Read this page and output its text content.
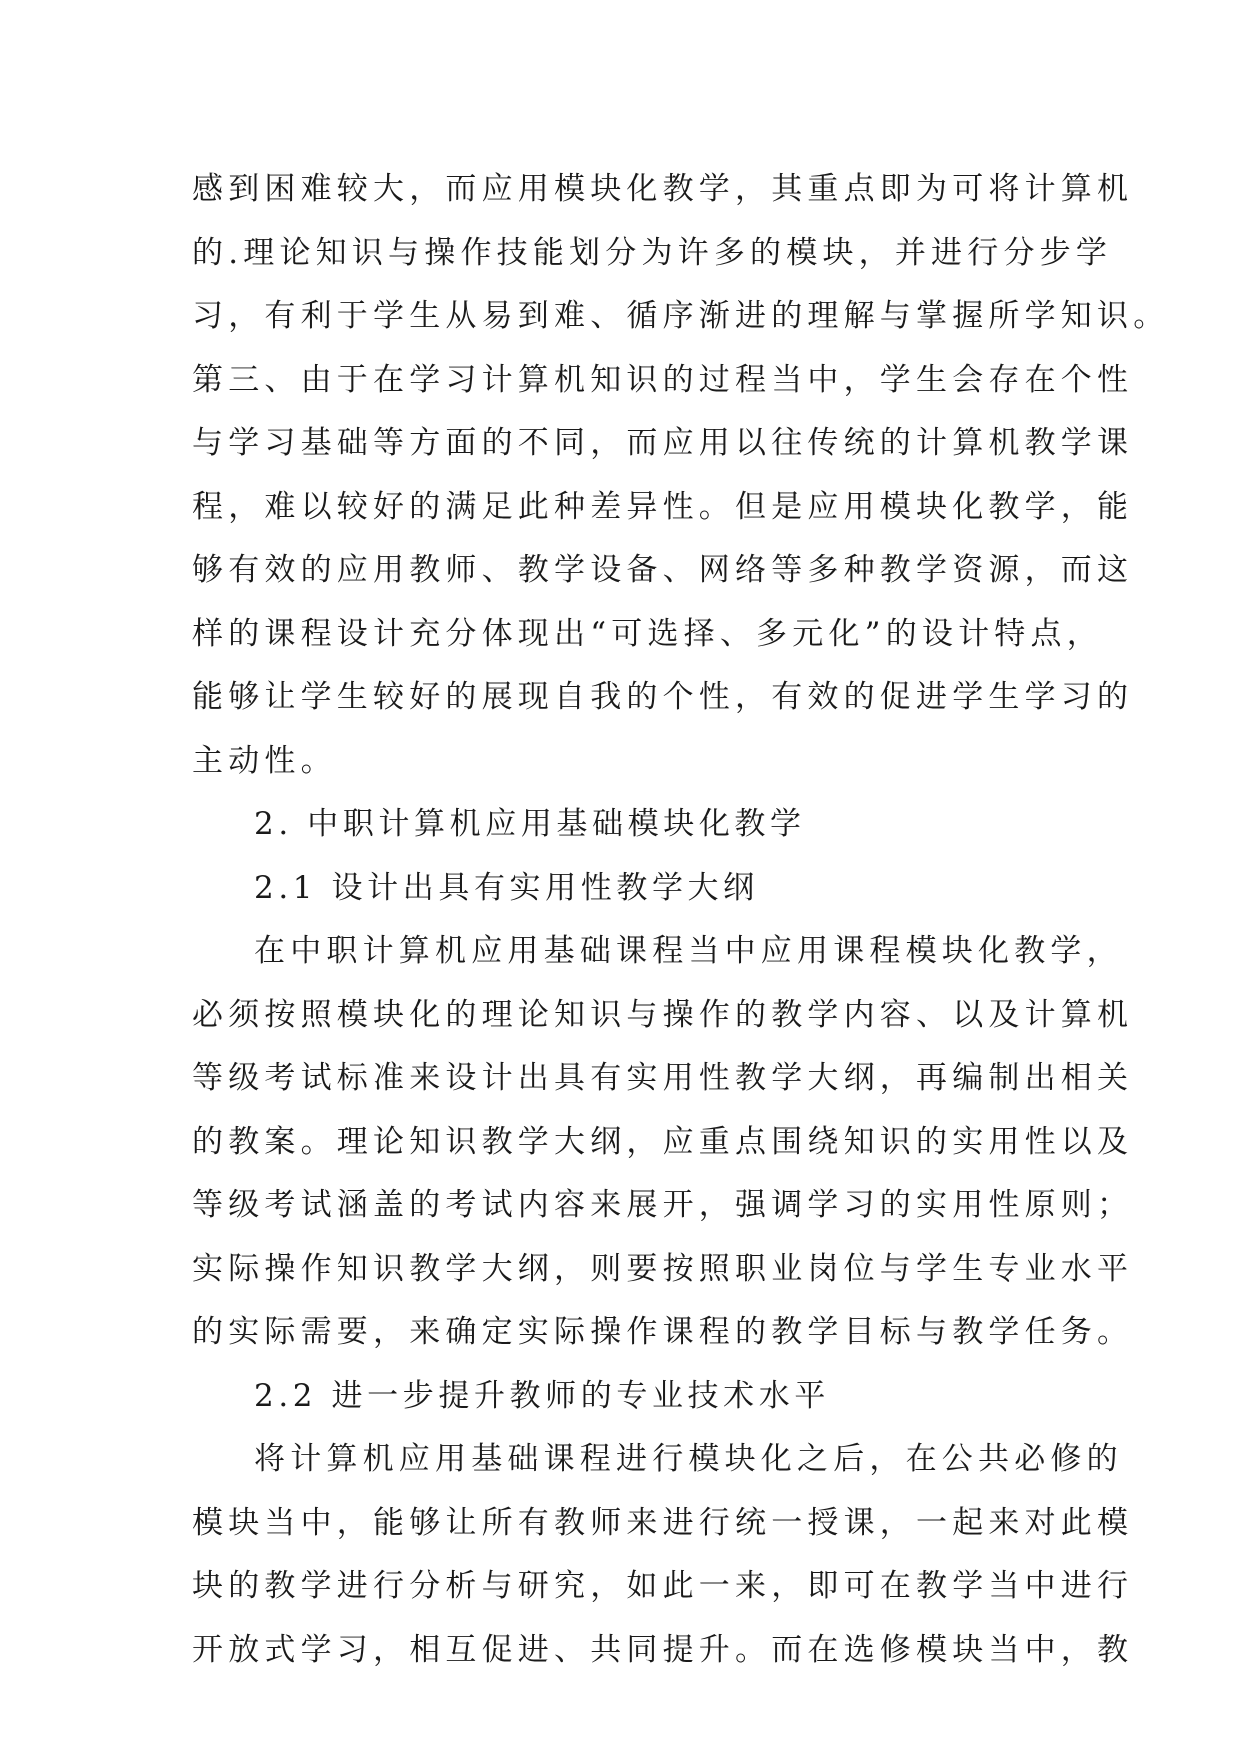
感到困难较大，而应用模块化教学，其重点即为可将计算机
的.理论知识与操作技能划分为许多的模块，并进行分步学
习，有利于学生从易到难、循序渐进的理解与掌握所学知识。
第三、由于在学习计算机知识的过程当中，学生会存在个性
与学习基础等方面的不同，而应用以往传统的计算机教学课
程，难以较好的满足此种差异性。但是应用模块化教学，能
够有效的应用教师、教学设备、网络等多种教学资源，而这
样的课程设计充分体现出“可选择、多元化”的设计特点，
能够让学生较好的展现自我的个性，有效的促进学生学习的
主动性。
2. 中职计算机应用基础模块化教学
2.1 设计出具有实用性教学大纲
在中职计算机应用基础课程当中应用课程模块化教学，
必须按照模块化的理论知识与操作的教学内容、以及计算机
等级考试标准来设计出具有实用性教学大纲，再编制出相关
的教案。理论知识教学大纲，应重点围绕知识的实用性以及
等级考试涵盖的考试内容来展开，强调学习的实用性原则；
实际操作知识教学大纲，则要按照职业岗位与学生专业水平
的实际需要，来确定实际操作课程的教学目标与教学任务。
2.2 进一步提升教师的专业技术水平
将计算机应用基础课程进行模块化之后，在公共必修的
模块当中，能够让所有教师来进行统一授课，一起来对此模
块的教学进行分析与研究，如此一来，即可在教学当中进行
开放式学习，相互促进、共同提升。而在选修模块当中，教
